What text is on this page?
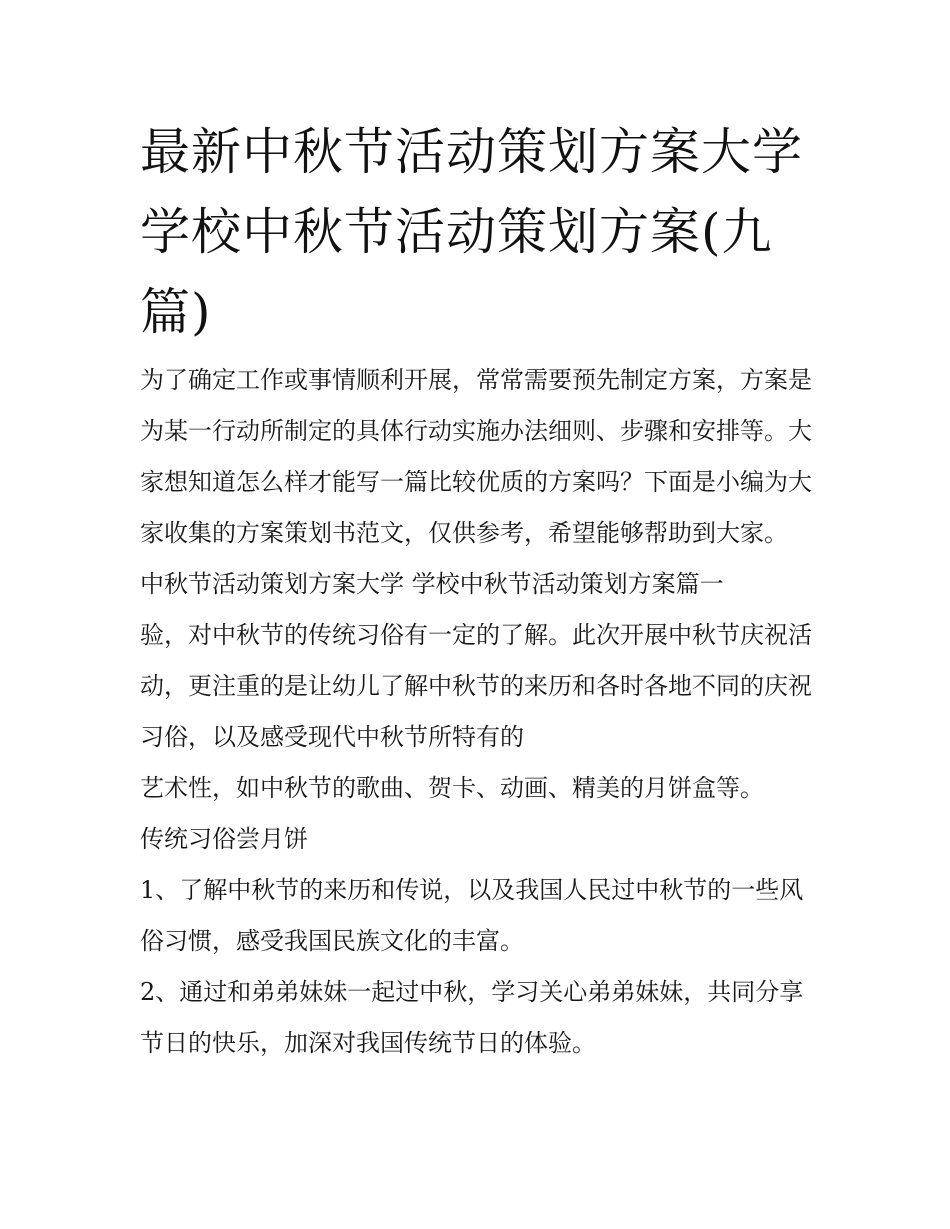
最新中秋节活动策划方案大学学校中秋节活动策划方案(九篇)

为了确定工作或事情顺利开展，常常需要预先制定方案，方案是为某一行动所制定的具体行动实施办法细则、步骤和安排等。大家想知道怎么样才能写一篇比较优质的方案吗？下面是小编为大家收集的方案策划书范文，仅供参考，希望能够帮助到大家。

中秋节活动策划方案大学 学校中秋节活动策划方案篇一

验，对中秋节的传统习俗有一定的了解。此次开展中秋节庆祝活动，更注重的是让幼儿了解中秋节的来历和各时各地不同的庆祝习俗，以及感受现代中秋节所特有的

艺术性，如中秋节的歌曲、贺卡、动画、精美的月饼盒等。

传统习俗尝月饼

1、了解中秋节的来历和传说，以及我国人民过中秋节的一些风俗习惯，感受我国民族文化的丰富。

2、通过和弟弟妹妹一起过中秋，学习关心弟弟妹妹，共同分享节日的快乐，加深对我国传统节日的体验。
